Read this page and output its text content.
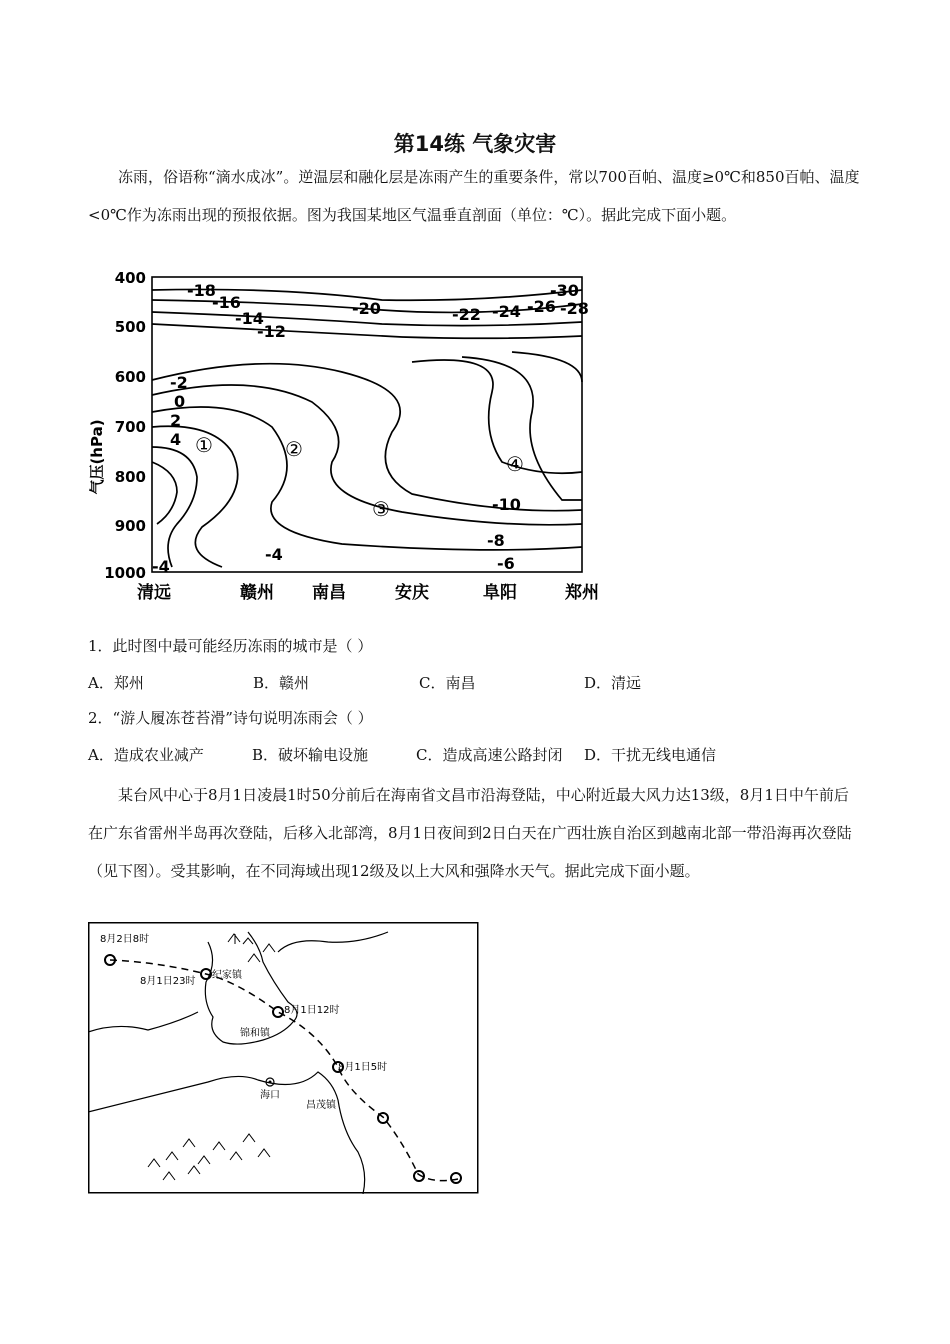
第14练 气象灾害

冻雨，俗语称“滴水成冰”。逆温层和融化层是冻雨产生的重要条件，常以700百帕、温度≥0℃和850百帕、温度<0℃作为冻雨出现的预报依据。图为我国某地区气温垂直剖面（单位：℃）。据此完成下面小题。

400
500
600
700
800
900
1000
气压(hPa)
清远	赣州 南昌	安庆	阜阳	郑州
-18
-16
-14
-12
-20	-22 -24 -26 -28
-30
-2
0
2
4
-4
-4
-10
-8
-6
①	②
③
④
1．此时图中最可能经历冻雨的城市是（ ）
A．郑州	B．赣州	C．南昌	D．清远
2．“游人履冻苍苔滑”诗句说明冻雨会（ ）
A．造成农业减产	B．破坏输电设施	C．造成高速公路封闭 D．干扰无线电通信

某台风中心于8月1日凌晨1时50分前后在海南省文昌市沿海登陆，中心附近最大风力达13级，8月1日中午前后在广东省雷州半岛再次登陆，后移入北部湾，8月1日夜间到2日白天在广西壮族自治区到越南北部一带沿海再次登陆（见下图）。受其影响，在不同海域出现12级及以上大风和强降水天气。据此完成下面小题。

8月2日8时
8月1日23时
纪家镇
8月1日12时
锦和镇
8月1日5时
海口
昌茂镇
